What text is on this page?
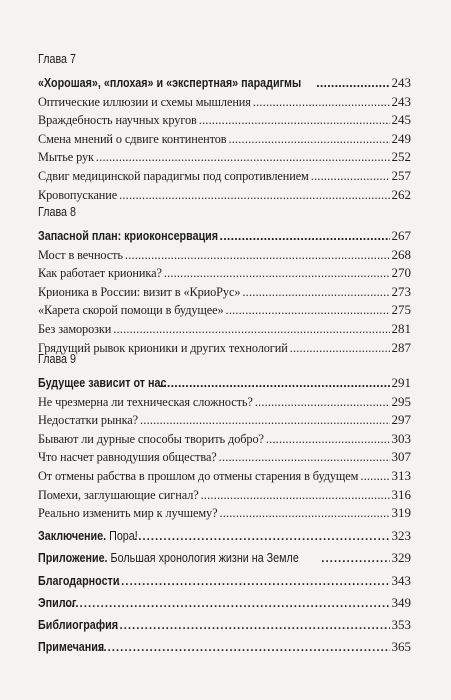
Глава 7
«Хорошая», «плохая» и «экспертная» парадигмы .....	243
Оптические иллюзии и схемы мышления .....	243
Враждебность научных кругов .....	245
Смена мнений о сдвиге континентов .....	249
Мытье рук .....	252
Сдвиг медицинской парадигмы под сопротивлением .....	257
Кровопускание .....	262
Глава 8
Запасной план: криоконсервация .....	267
Мост в вечность .....	268
Как работает крионика? .....	270
Крионика в России: визит в «КриоРус» .....	273
«Карета скорой помощи в будущее» .....	275
Без заморозки .....	281
Грядущий рывок крионики и других технологий .....	287
Глава 9
Будущее зависит от нас .....	291
Не чрезмерна ли техническая сложность? .....	295
Недостатки рынка? .....	297
Бывают ли дурные способы творить добро? .....	303
Что насчет равнодушия общества? .....	307
От отмены рабства в прошлом до отмены старения в будущем .....	313
Помехи, заглушающие сигнал? .....	316
Реально изменить мир к лучшему? .....	319
Заключение. Пора! .....	323
Приложение. Большая хронология жизни на Земле .....	329
Благодарности .....	343
Эпилог .....	349
Библиография .....	353
Примечания .....	365
